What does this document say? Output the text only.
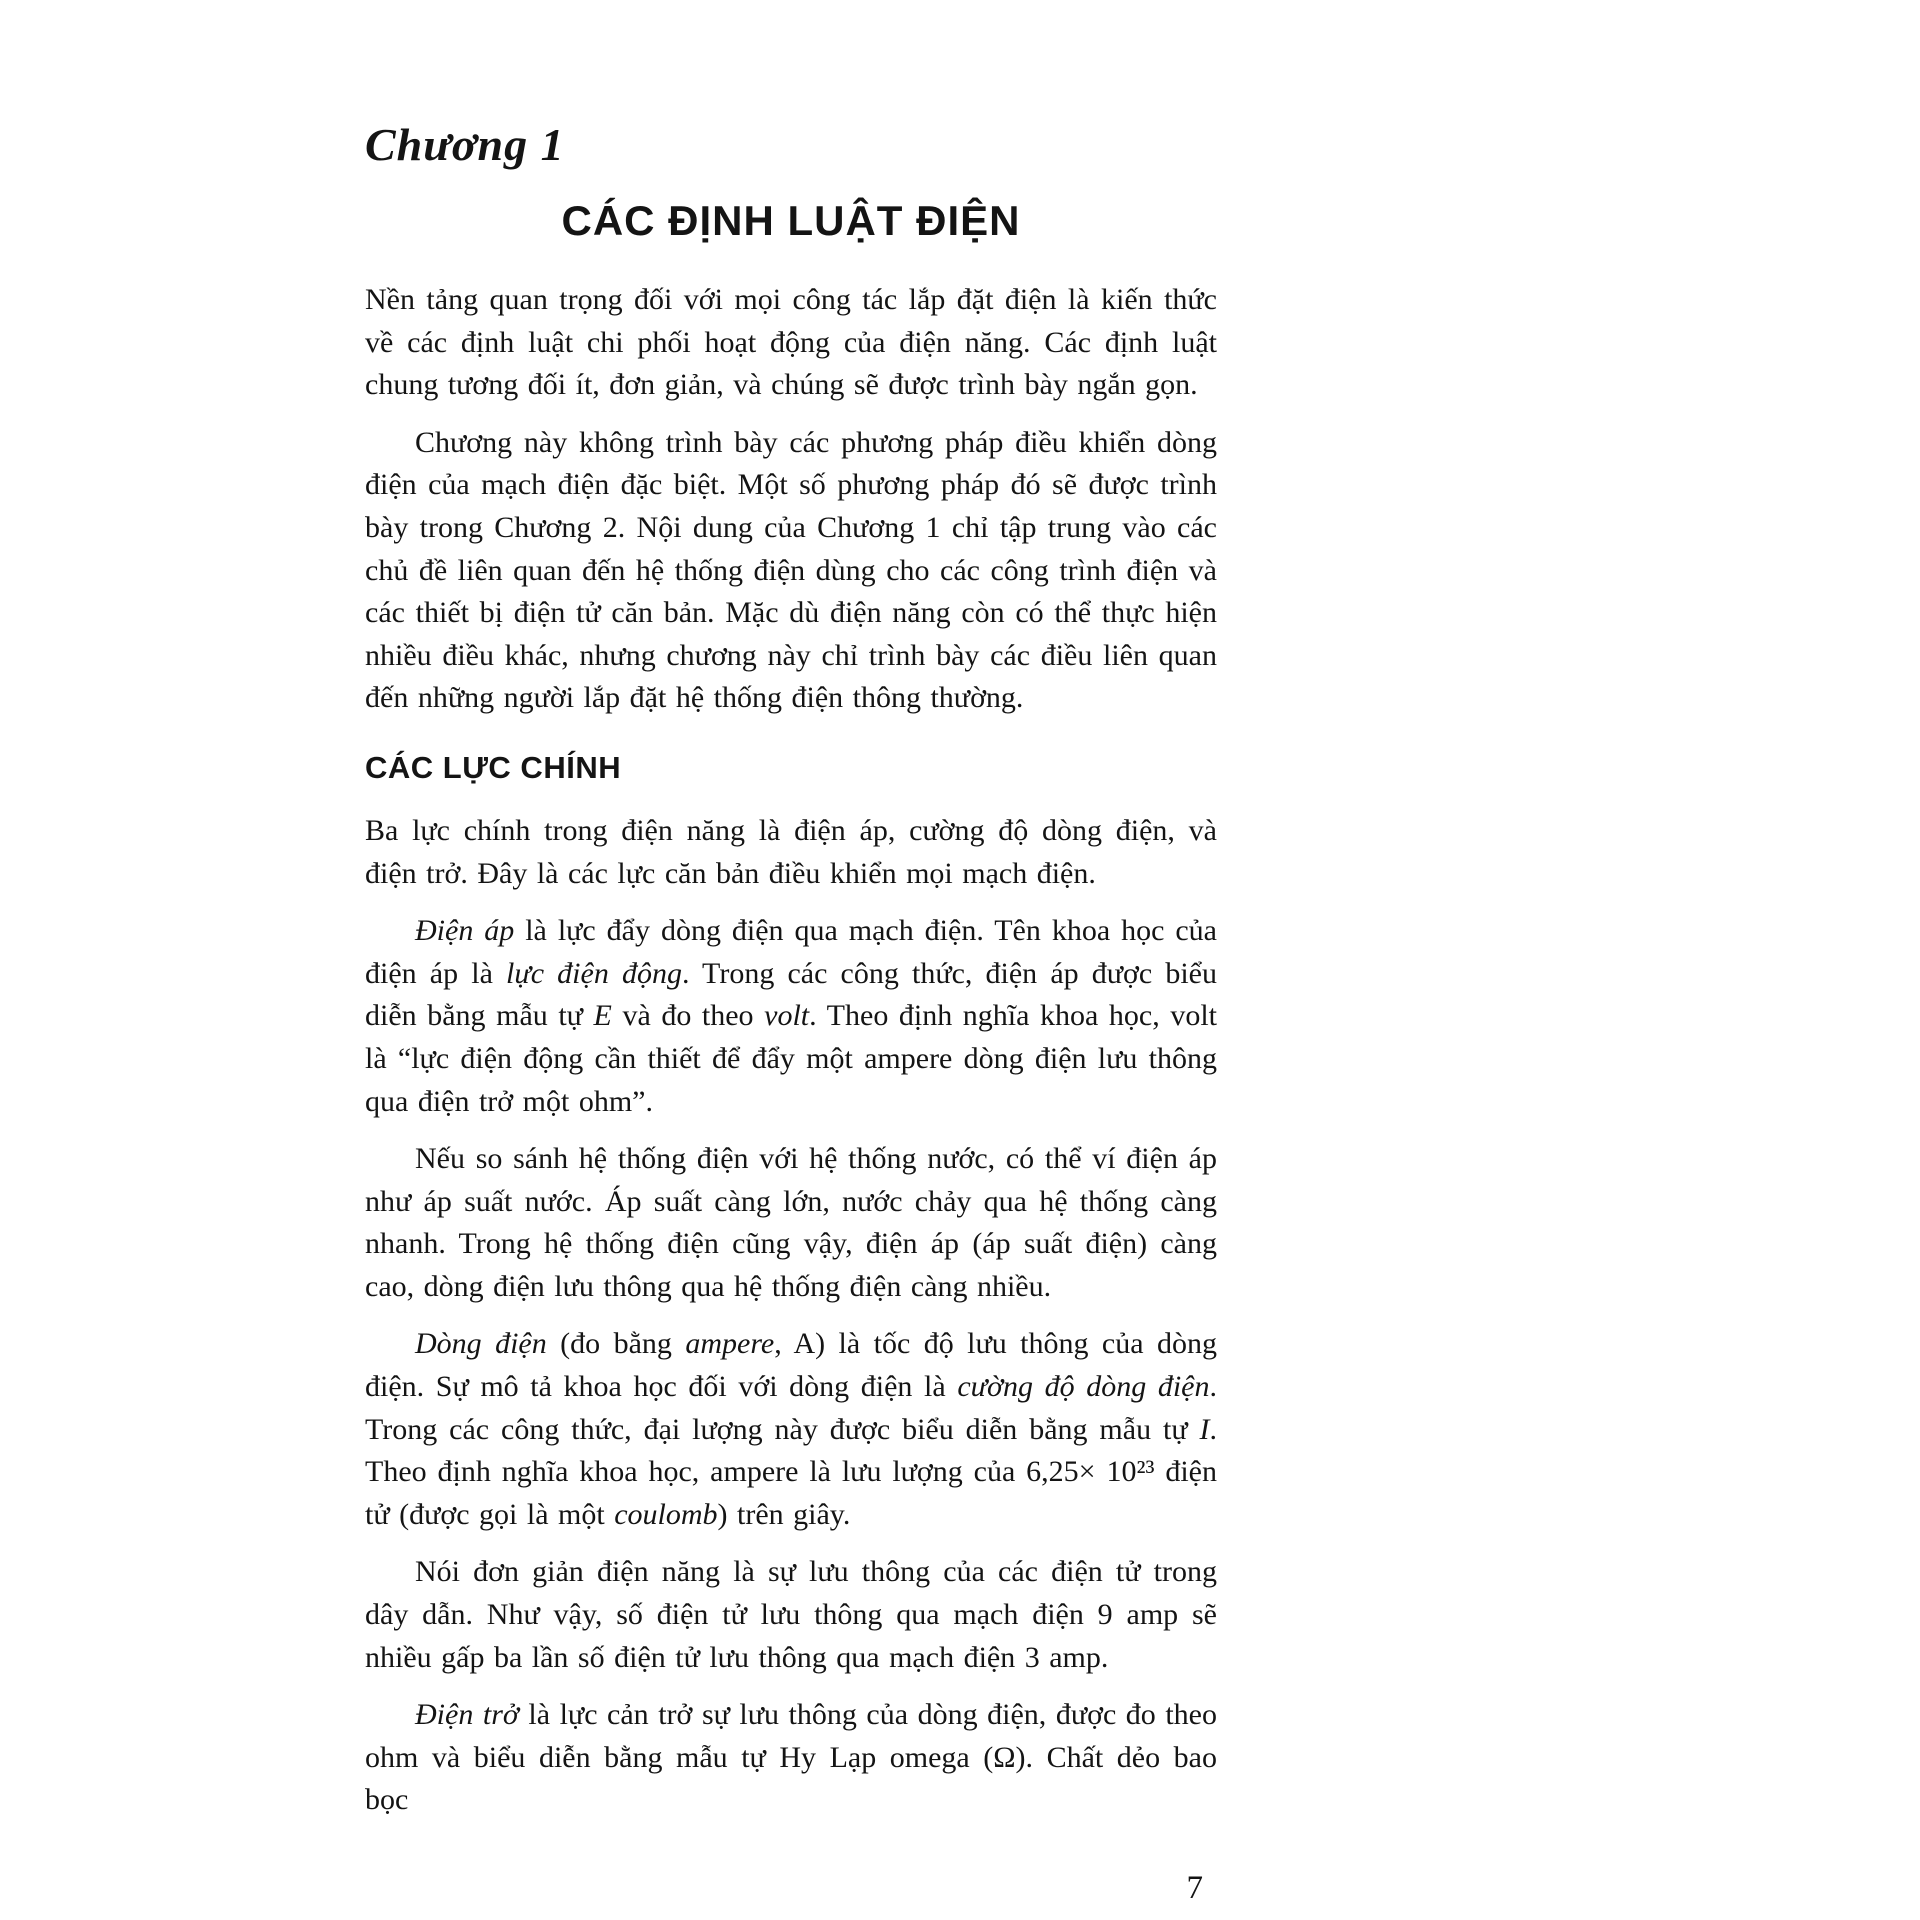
Chương 1
CÁC ĐỊNH LUẬT ĐIỆN

Nền tảng quan trọng đối với mọi công tác lắp đặt điện là kiến thức về các định luật chi phối hoạt động của điện năng. Các định luật chung tương đối ít, đơn giản, và chúng sẽ được trình bày ngắn gọn.

Chương này không trình bày các phương pháp điều khiển dòng điện của mạch điện đặc biệt. Một số phương pháp đó sẽ được trình bày trong Chương 2. Nội dung của Chương 1 chỉ tập trung vào các chủ đề liên quan đến hệ thống điện dùng cho các công trình điện và các thiết bị điện tử căn bản. Mặc dù điện năng còn có thể thực hiện nhiều điều khác, nhưng chương này chỉ trình bày các điều liên quan đến những người lắp đặt hệ thống điện thông thường.

CÁC LỰC CHÍNH

Ba lực chính trong điện năng là điện áp, cường độ dòng điện, và điện trở. Đây là các lực căn bản điều khiển mọi mạch điện.

Điện áp là lực đẩy dòng điện qua mạch điện. Tên khoa học của điện áp là lực điện động. Trong các công thức, điện áp được biểu diễn bằng mẫu tự E và đo theo volt. Theo định nghĩa khoa học, volt là “lực điện động cần thiết để đẩy một ampere dòng điện lưu thông qua điện trở một ohm”.

Nếu so sánh hệ thống điện với hệ thống nước, có thể ví điện áp như áp suất nước. Áp suất càng lớn, nước chảy qua hệ thống càng nhanh. Trong hệ thống điện cũng vậy, điện áp (áp suất điện) càng cao, dòng điện lưu thông qua hệ thống điện càng nhiều.

Dòng điện (đo bằng ampere, A) là tốc độ lưu thông của dòng điện. Sự mô tả khoa học đối với dòng điện là cường độ dòng điện. Trong các công thức, đại lượng này được biểu diễn bằng mẫu tự I. Theo định nghĩa khoa học, ampere là lưu lượng của 6,25× 10²³ điện tử (được gọi là một coulomb) trên giây.

Nói đơn giản điện năng là sự lưu thông của các điện tử trong dây dẫn. Như vậy, số điện tử lưu thông qua mạch điện 9 amp sẽ nhiều gấp ba lần số điện tử lưu thông qua mạch điện 3 amp.

Điện trở là lực cản trở sự lưu thông của dòng điện, được đo theo ohm và biểu diễn bằng mẫu tự Hy Lạp omega (Ω). Chất dẻo bao bọc

7
